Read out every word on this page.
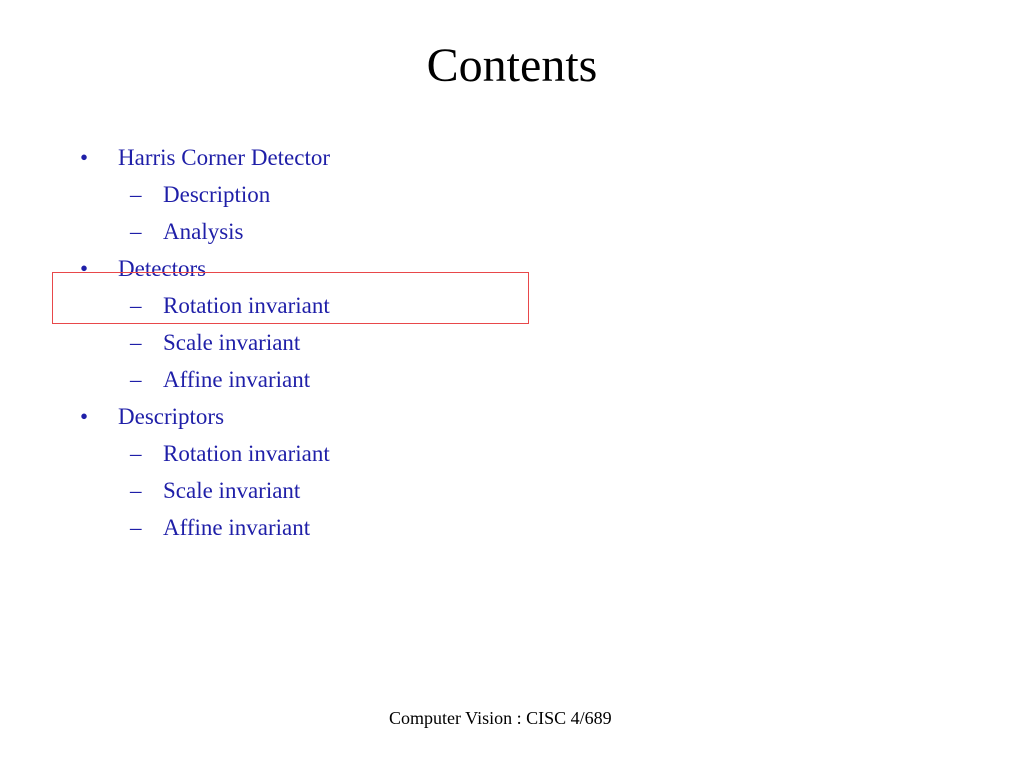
Contents
• Harris Corner Detector
– Description
– Analysis
• Detectors
– Rotation invariant
– Scale invariant
– Affine invariant
• Descriptors
– Rotation invariant
– Scale invariant
– Affine invariant
Computer Vision : CISC 4/689
